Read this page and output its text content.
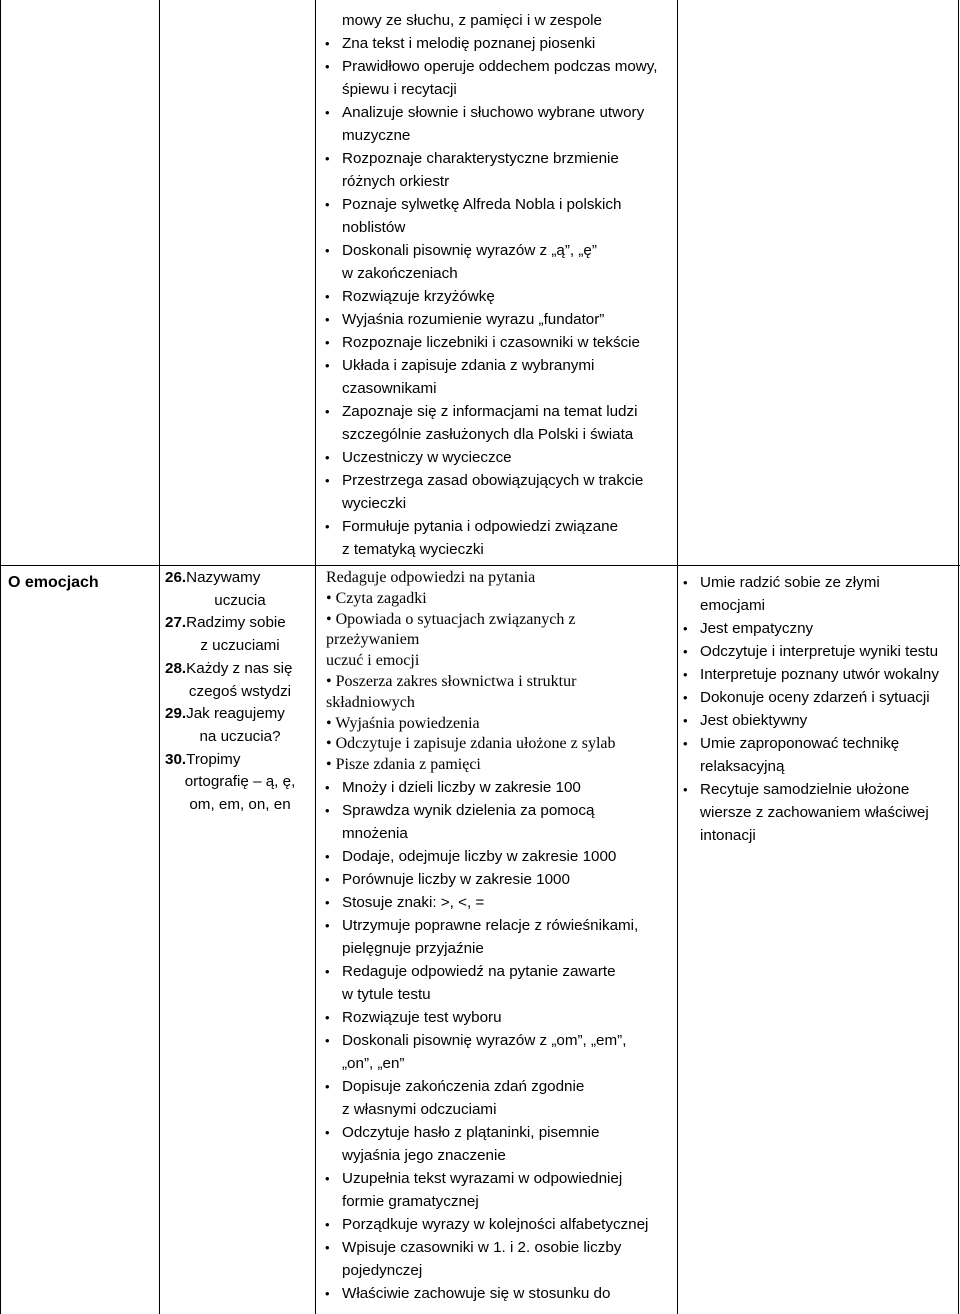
O emocjach	26.Nazywamy
uczucia
27.Radzimy sobie
z uczuciami
28.Każdy z nas się
czegoś wstydzi
29.Jak reagujemy
na uczucia?
30.Tropimy
ortografię – ą, ę,
om, em, on, en
mowy ze słuchu, z pamięci i w zespole
• Zna tekst i melodię poznanej piosenki
• Prawidłowo operuje oddechem podczas mowy,
śpiewu i recytacji
• Analizuje słownie i słuchowo wybrane utwory
muzyczne
• Rozpoznaje charakterystyczne brzmienie
różnych orkiestr
• Poznaje sylwetkę Alfreda Nobla i polskich
noblistów
• Doskonali pisownię wyrazów z „ą”, „ę”
w zakończeniach
• Rozwiązuje krzyżówkę
• Wyjaśnia rozumienie wyrazu „fundator”
• Rozpoznaje liczebniki i czasowniki w tekście
• Układa i zapisuje zdania z wybranymi
czasownikami
• Zapoznaje się z informacjami na temat ludzi
szczególnie zasłużonych dla Polski i świata
• Uczestniczy w wycieczce
• Przestrzega zasad obowiązujących w trakcie
wycieczki
• Formułuje pytania i odpowiedzi związane
z tematyką wycieczki
Redaguje odpowiedzi na pytania
• Czyta zagadki
• Opowiada o sytuacjach związanych z
przeżywaniem
uczuć i emocji
• Poszerza zakres słownictwa i struktur
składniowych
• Wyjaśnia powiedzenia
• Odczytuje i zapisuje zdania ułożone z sylab
• Pisze zdania z pamięci
• Mnoży i dzieli liczby w zakresie 100
• Sprawdza wynik dzielenia za pomocą
mnożenia
• Dodaje, odejmuje liczby w zakresie 1000
• Porównuje liczby w zakresie 1000
• Stosuje znaki: >, <, =
• Utrzymuje poprawne relacje z rówieśnikami,
pielęgnuje przyjaźnie
• Redaguje odpowiedź na pytanie zawarte
w tytule testu
• Rozwiązuje test wyboru
• Doskonali pisownię wyrazów z „om”, „em”,
„on”, „en”
• Dopisuje zakończenia zdań zgodnie
z własnymi odczuciami
• Odczytuje hasło z plątaninki, pisemnie
wyjaśnia jego znaczenie
• Uzupełnia tekst wyrazami w odpowiedniej
formie gramatycznej
• Porządkuje wyrazy w kolejności alfabetycznej
• Wpisuje czasowniki w 1. i 2. osobie liczby
pojedynczej
• Właściwie zachowuje się w stosunku do
• Umie radzić sobie ze złymi
emocjami
• Jest empatyczny
• Odczytuje i interpretuje wyniki testu
• Interpretuje poznany utwór wokalny
• Dokonuje oceny zdarzeń i sytuacji
• Jest obiektywny
• Umie zaproponować technikę
relaksacyjną
• Recytuje samodzielnie ułożone
wiersze z zachowaniem właściwej
intonacji
